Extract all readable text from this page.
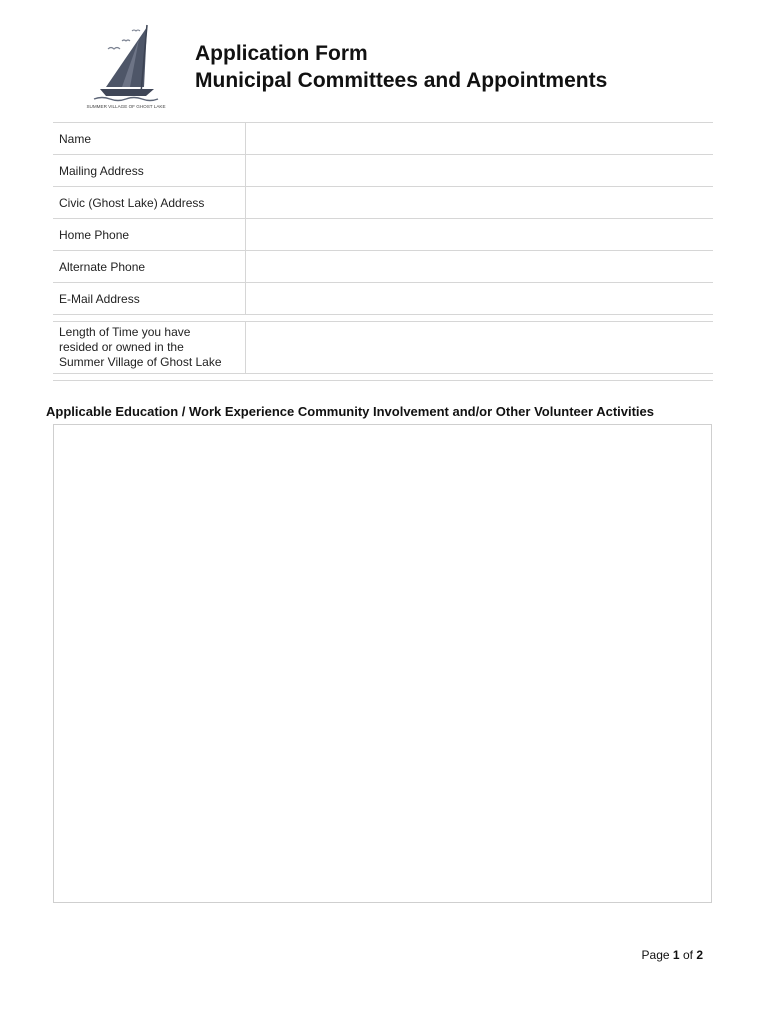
SUMMER VILLAGE OF GHOST LAKE
Application Form
Municipal Committees and Appointments
Name	
Mailing Address	
Civic (Ghost Lake) Address	
Home Phone	
Alternate Phone	
E-Mail Address	

Length of Time you have
resided or owned in the
Summer Village of Ghost Lake	

Applicable Education / Work Experience Community Involvement and/or Other Volunteer Activities
Page 1 of 2
